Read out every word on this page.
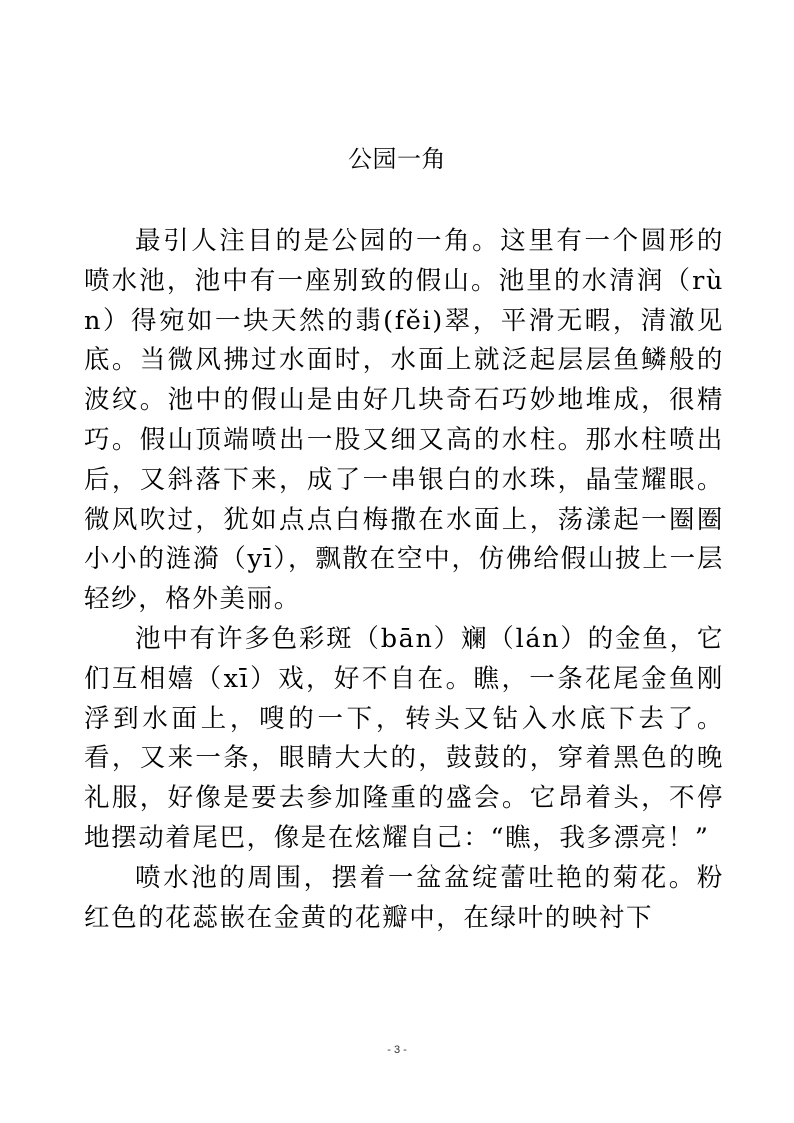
公园一角

最引人注目的是公园的一角。这里有一个圆形的喷水池，池中有一座别致的假山。池里的水清润（rùn）得宛如一块天然的翡(fěi)翠，平滑无暇，清澈见底。当微风拂过水面时，水面上就泛起层层鱼鳞般的波纹。池中的假山是由好几块奇石巧妙地堆成，很精巧。假山顶端喷出一股又细又高的水柱。那水柱喷出后，又斜落下来，成了一串银白的水珠，晶莹耀眼。微风吹过，犹如点点白梅撒在水面上，荡漾起一圈圈小小的涟漪（yī），飘散在空中，仿佛给假山披上一层轻纱，格外美丽。

池中有许多色彩斑（bān）斓（lán）的金鱼，它们互相嬉（xī）戏，好不自在。瞧，一条花尾金鱼刚浮到水面上，嗖的一下，转头又钻入水底下去了。看，又来一条，眼睛大大的，鼓鼓的，穿着黑色的晚礼服，好像是要去参加隆重的盛会。它昂着头，不停地摆动着尾巴，像是在炫耀自己：“瞧，我多漂亮！”

喷水池的周围，摆着一盆盆绽蕾吐艳的菊花。粉红色的花蕊嵌在金黄的花瓣中，在绿叶的映衬下

- 3 -
